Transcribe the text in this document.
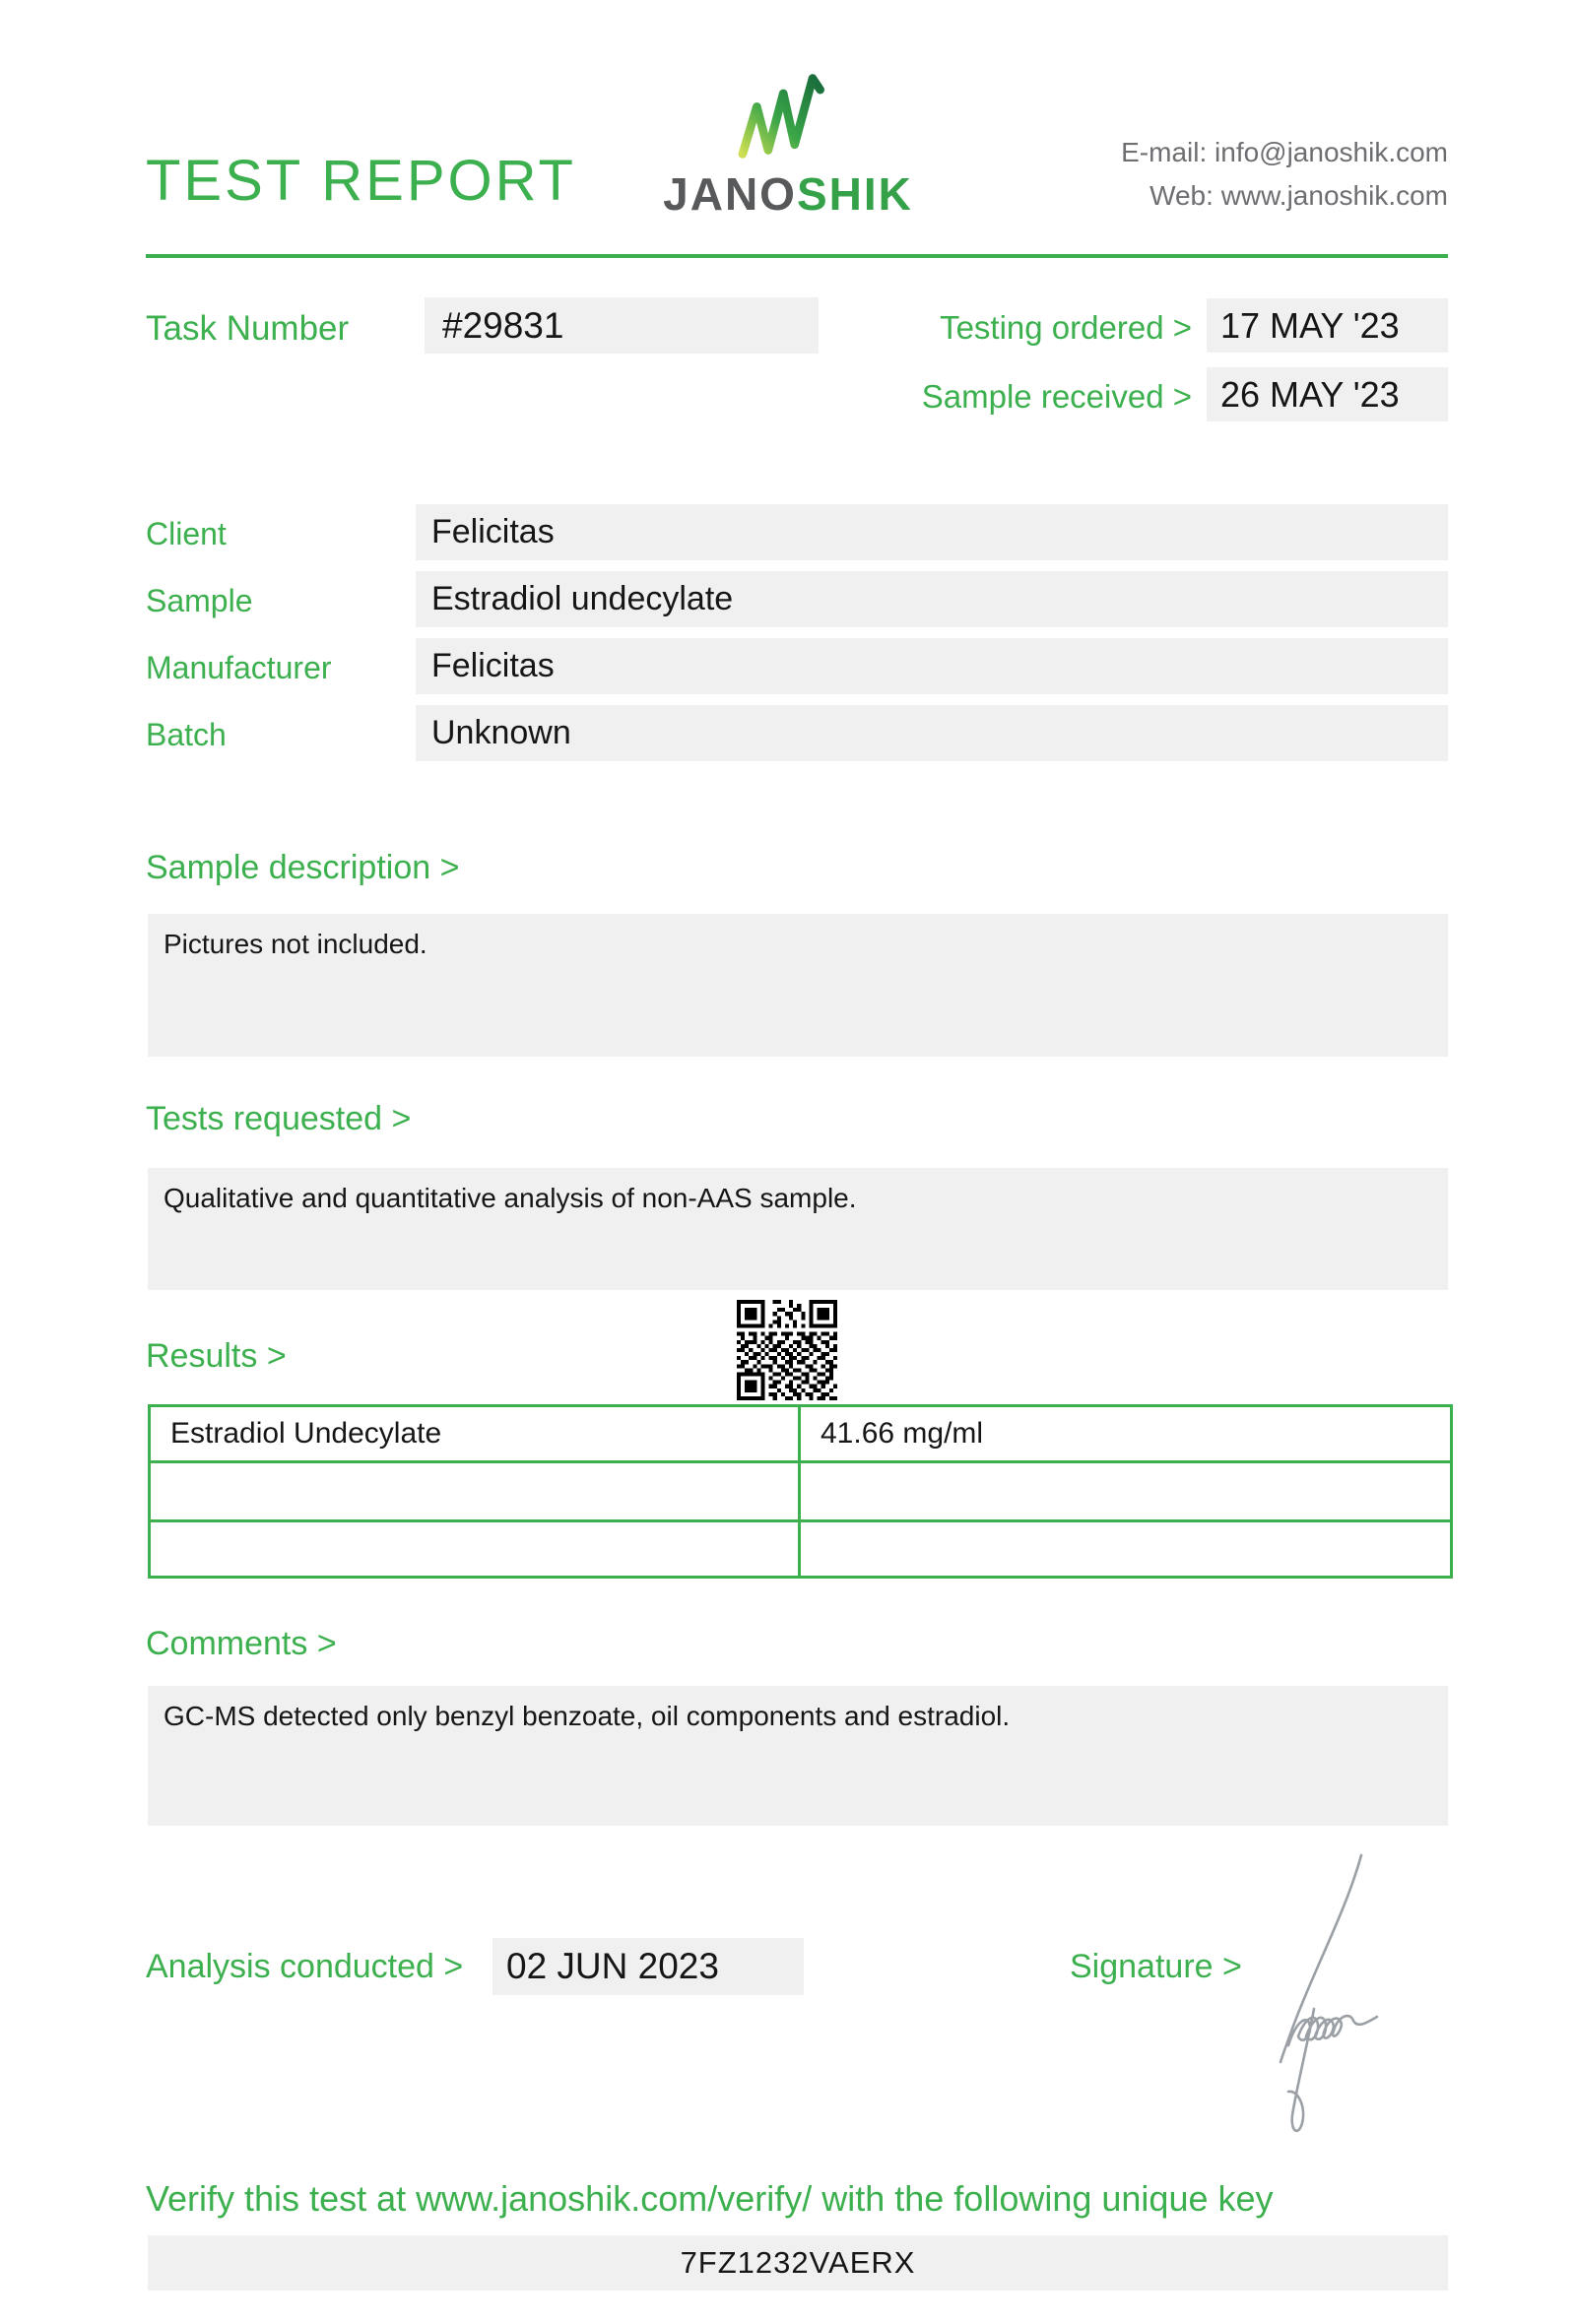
TEST REPORT JANOSHIK
E-mail: info@janoshik.com
Web: www.janoshik.com
Task Number	#29831	Testing ordered > 17 MAY '23
Sample received > 26 MAY '23
Client	Felicitas
Sample	Estradiol undecylate
Manufacturer	Felicitas
Batch	Unknown
Sample description >
Pictures not included.
Tests requested >
Qualitative and quantitative analysis of non-AAS sample.
Results >
Estradiol Undecylate	41.66 mg/ml

Comments >
GC-MS detected only benzyl benzoate, oil components and estradiol.
Analysis conducted >	02 JUN 2023	Signature >
Verify this test at www.janoshik.com/verify/ with the following unique key
7FZ1232VAERX
